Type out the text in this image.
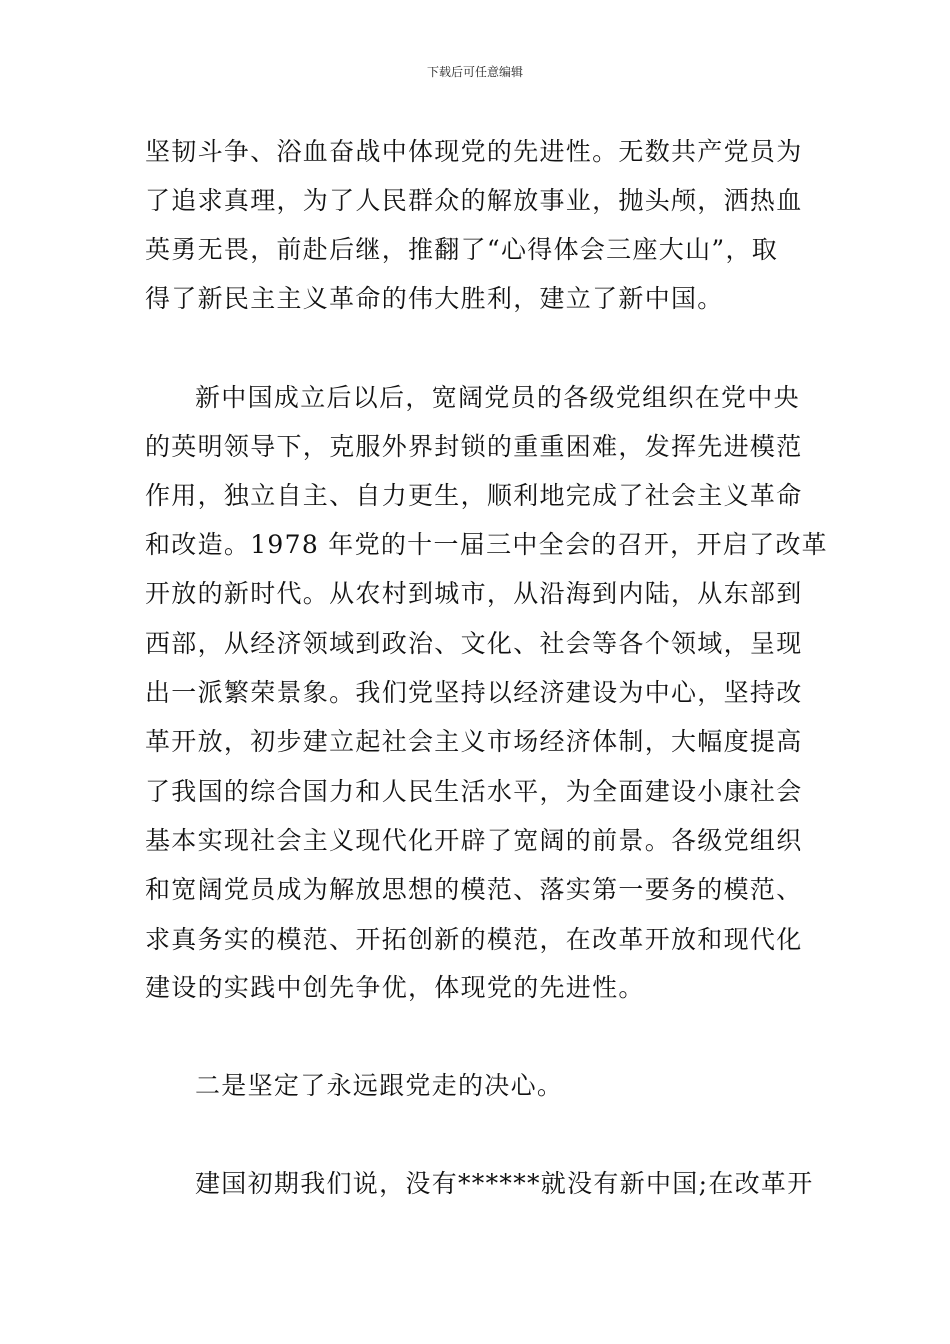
下载后可任意编辑
坚韧斗争、浴血奋战中体现党的先进性。无数共产党员为
了追求真理，为了人民群众的解放事业，抛头颅，洒热血
英勇无畏，前赴后继，推翻了“心得体会三座大山”，取
得了新民主主义革命的伟大胜利，建立了新中国。
新中国成立后以后，宽阔党员的各级党组织在党中央
的英明领导下，克服外界封锁的重重困难，发挥先进模范
作用，独立自主、自力更生，顺利地完成了社会主义革命
和改造。1978 年党的十一届三中全会的召开，开启了改革
开放的新时代。从农村到城市，从沿海到内陆，从东部到
西部，从经济领域到政治、文化、社会等各个领域，呈现
出一派繁荣景象。我们党坚持以经济建设为中心，坚持改
革开放，初步建立起社会主义市场经济体制，大幅度提高
了我国的综合国力和人民生活水平，为全面建设小康社会
基本实现社会主义现代化开辟了宽阔的前景。各级党组织
和宽阔党员成为解放思想的模范、落实第一要务的模范、
求真务实的模范、开拓创新的模范，在改革开放和现代化
建设的实践中创先争优，体现党的先进性。
二是坚定了永远跟党走的决心。
建国初期我们说，没有******就没有新中国;在改革开
